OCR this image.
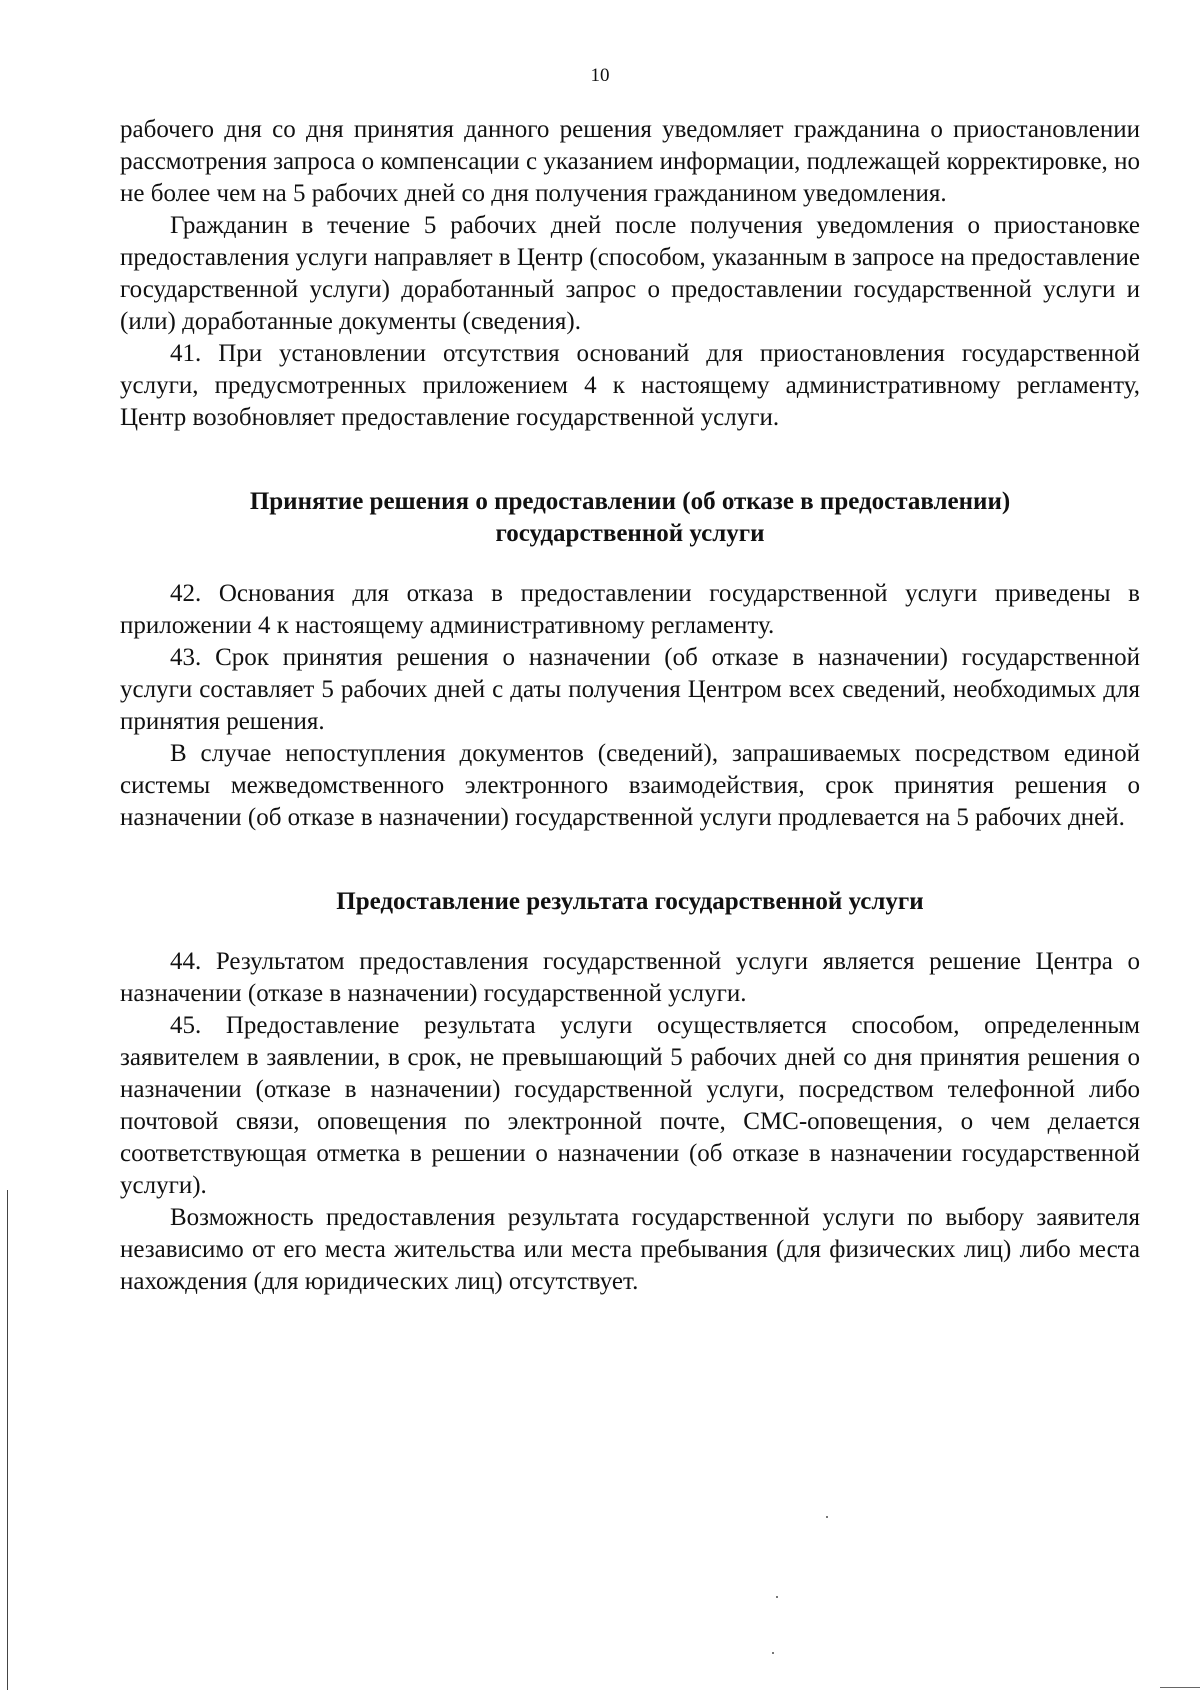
10

рабочего дня со дня принятия данного решения уведомляет гражданина о приостановлении рассмотрения запроса о компенсации с указанием информации, подлежащей корректировке, но не более чем на 5 рабочих дней со дня получения гражданином уведомления.

Гражданин в течение 5 рабочих дней после получения уведомления о приостановке предоставления услуги направляет в Центр (способом, указанным в запросе на предоставление государственной услуги) доработанный запрос о предоставлении государственной услуги и (или) доработанные документы (сведения).

41. При установлении отсутствия оснований для приостановления государственной услуги, предусмотренных приложением 4 к настоящему административному регламенту, Центр возобновляет предоставление государственной услуги.

Принятие решения о предоставлении (об отказе в предоставлении)
государственной услуги

42. Основания для отказа в предоставлении государственной услуги приведены в приложении 4 к настоящему административному регламенту.

43. Срок принятия решения о назначении (об отказе в назначении) государственной услуги составляет 5 рабочих дней с даты получения Центром всех сведений, необходимых для принятия решения.

В случае непоступления документов (сведений), запрашиваемых посредством единой системы межведомственного электронного взаимодействия, срок принятия решения о назначении (об отказе в назначении) государственной услуги продлевается на 5 рабочих дней.

Предоставление результата государственной услуги

44. Результатом предоставления государственной услуги является решение Центра о назначении (отказе в назначении) государственной услуги.

45. Предоставление результата услуги осуществляется способом, определенным заявителем в заявлении, в срок, не превышающий 5 рабочих дней со дня принятия решения о назначении (отказе в назначении) государственной услуги, посредством телефонной либо почтовой связи, оповещения по электронной почте, СМС-оповещения, о чем делается соответствующая отметка в решении о назначении (об отказе в назначении государственной услуги).

Возможность предоставления результата государственной услуги по выбору заявителя независимо от его места жительства или места пребывания (для физических лиц) либо места нахождения (для юридических лиц) отсутствует.
